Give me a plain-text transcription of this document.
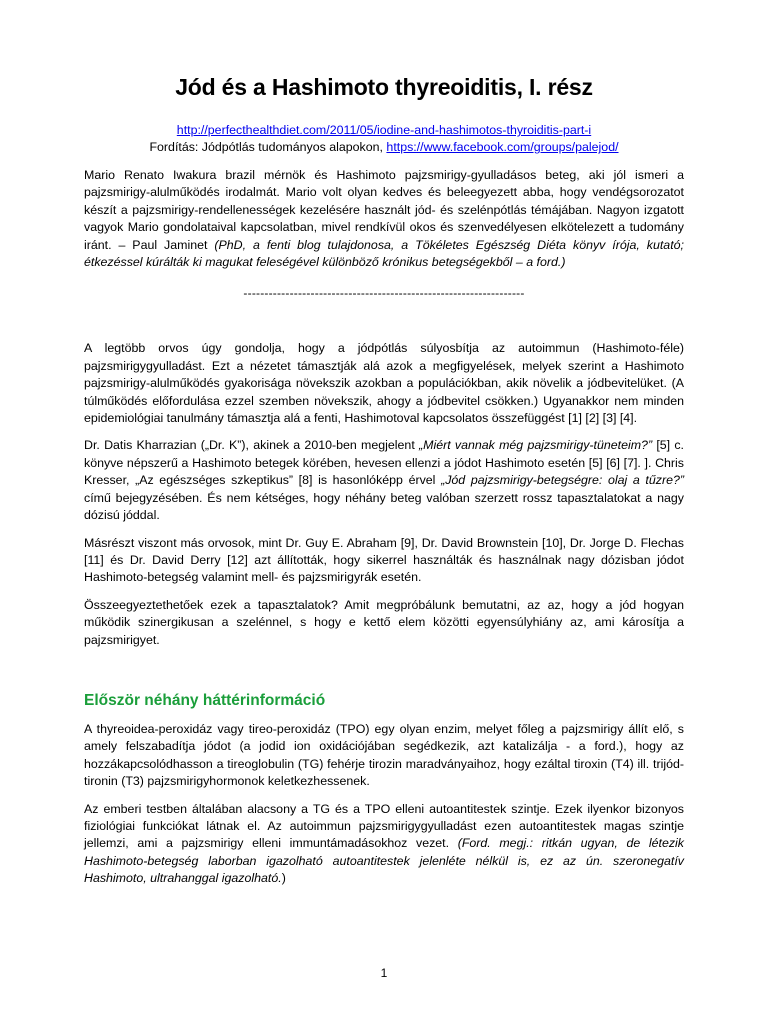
Jód és a Hashimoto thyreoiditis, I. rész
http://perfecthealthdiet.com/2011/05/iodine-and-hashimotos-thyroiditis-part-i
Fordítás: Jódpótlás tudományos alapokon, https://www.facebook.com/groups/palejod/

Mario Renato Iwakura brazil mérnök és Hashimoto pajzsmirigy-gyulladásos beteg, aki jól ismeri a pajzsmirigy-alulműködés irodalmát. Mario volt olyan kedves és beleegyezett abba, hogy vendégsorozatot készít a pajzsmirigy-rendellenességek kezelésére használt jód- és szelénpótlás témájában. Nagyon izgatott vagyok Mario gondolataival kapcsolatban, mivel rendkívül okos és szenvedélyesen elkötelezett a tudomány iránt. – Paul Jaminet (PhD, a fenti blog tulajdonosa, a Tökéletes Egészség Diéta könyv írója, kutató; étkezéssel kúrálták ki magukat feleségével különböző krónikus betegségekből – a ford.)

-------------------------------------------------------------------

A legtöbb orvos úgy gondolja, hogy a jódpótlás súlyosbítja az autoimmun (Hashimoto-féle) pajzsmirigygyulladást. Ezt a nézetet támasztják alá azok a megfigyelések, melyek szerint a Hashimoto pajzsmirigy-alulműködés gyakorisága növekszik azokban a populációkban, akik növelik a jódbevitelüket. (A túlműködés előfordulása ezzel szemben növekszik, ahogy a jódbevitel csökken.) Ugyanakkor nem minden epidemiológiai tanulmány támasztja alá a fenti, Hashimotoval kapcsolatos összefüggést [1] [2] [3] [4].

Dr. Datis Kharrazian („Dr. K”), akinek a 2010-ben megjelent „Miért vannak még pajzsmirigy-tüneteim?” [5] c. könyve népszerű a Hashimoto betegek körében, hevesen ellenzi a jódot Hashimoto esetén [5] [6] [7]. ]. Chris Kresser, „Az egészséges szkeptikus” [8] is hasonlóképp érvel „Jód pajzsmirigy-betegségre: olaj a tűzre?” című bejegyzésében. És nem kétséges, hogy néhány beteg valóban szerzett rossz tapasztalatokat a nagy dózisú jóddal.

Másrészt viszont más orvosok, mint Dr. Guy E. Abraham [9], Dr. David Brownstein [10], Dr. Jorge D. Flechas [11] és Dr. David Derry [12] azt állították, hogy sikerrel használták és használnak nagy dózisban jódot Hashimoto-betegség valamint mell- és pajzsmirigyrák esetén.

Összeegyeztethetőek ezek a tapasztalatok? Amit megpróbálunk bemutatni, az az, hogy a jód hogyan működik szinergikusan a szelénnel, s hogy e kettő elem közötti egyensúlyhiány az, ami károsítja a pajzsmirigyet.

Először néhány háttérinformáció

A thyreoidea-peroxidáz vagy tireo-peroxidáz (TPO) egy olyan enzim, melyet főleg a pajzsmirigy állít elő, s amely felszabadítja jódot (a jodid ion oxidációjában segédkezik, azt katalizálja - a ford.), hogy az hozzákapcsolódhasson a tireoglobulin (TG) fehérje tirozin maradványaihoz, hogy ezáltal tiroxin (T4) ill. trijód-tironin (T3) pajzsmirigyhormonok keletkezhessenek.

Az emberi testben általában alacsony a TG és a TPO elleni autoantitestek szintje. Ezek ilyenkor bizonyos fiziológiai funkciókat látnak el. Az autoimmun pajzsmirigygyulladást ezen autoantitestek magas szintje jellemzi, ami a pajzsmirigy elleni immuntámadásokhoz vezet. (Ford. megj.: ritkán ugyan, de létezik Hashimoto-betegség laborban igazolható autoantitestek jelenléte nélkül is, ez az ún. szeronegatív Hashimoto, ultrahanggal igazolható.)

1
